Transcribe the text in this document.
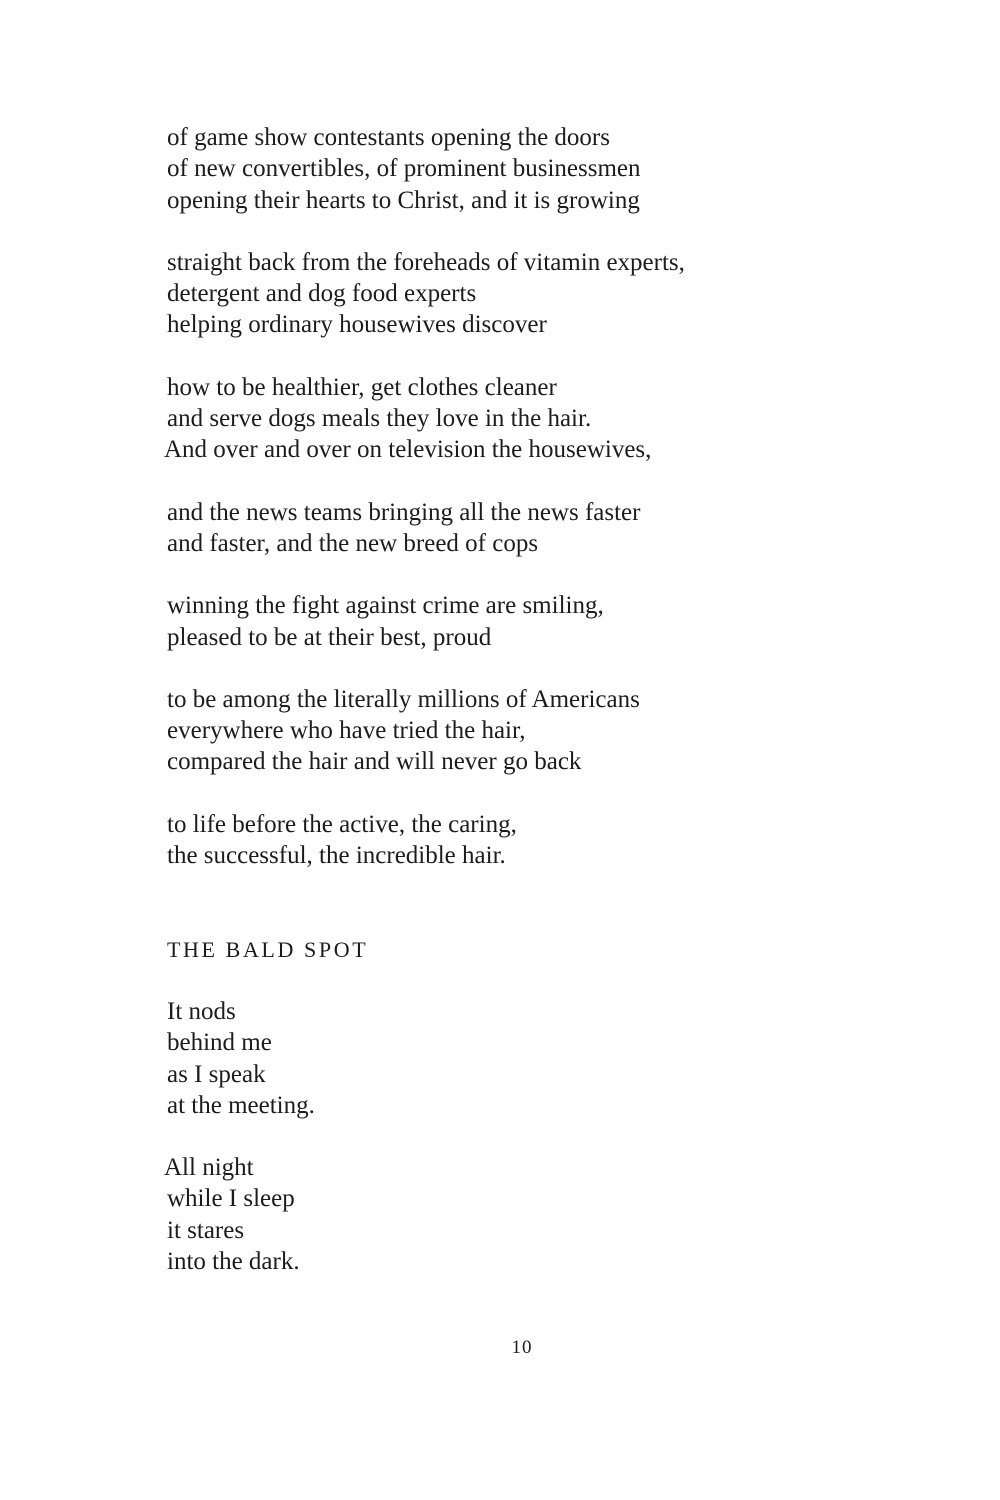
of game show contestants opening the doors
of new convertibles, of prominent businessmen
opening their hearts to Christ, and it is growing
straight back from the foreheads of vitamin experts,
detergent and dog food experts
helping ordinary housewives discover
how to be healthier, get clothes cleaner
and serve dogs meals they love in the hair.
And over and over on television the housewives,
and the news teams bringing all the news faster
and faster, and the new breed of cops
winning the fight against crime are smiling,
pleased to be at their best, proud
to be among the literally millions of Americans
everywhere who have tried the hair,
compared the hair and will never go back
to life before the active, the caring,
the successful, the incredible hair.
THE BALD SPOT
It nods
behind me
as I speak
at the meeting.
All night
while I sleep
it stares
into the dark.
10
